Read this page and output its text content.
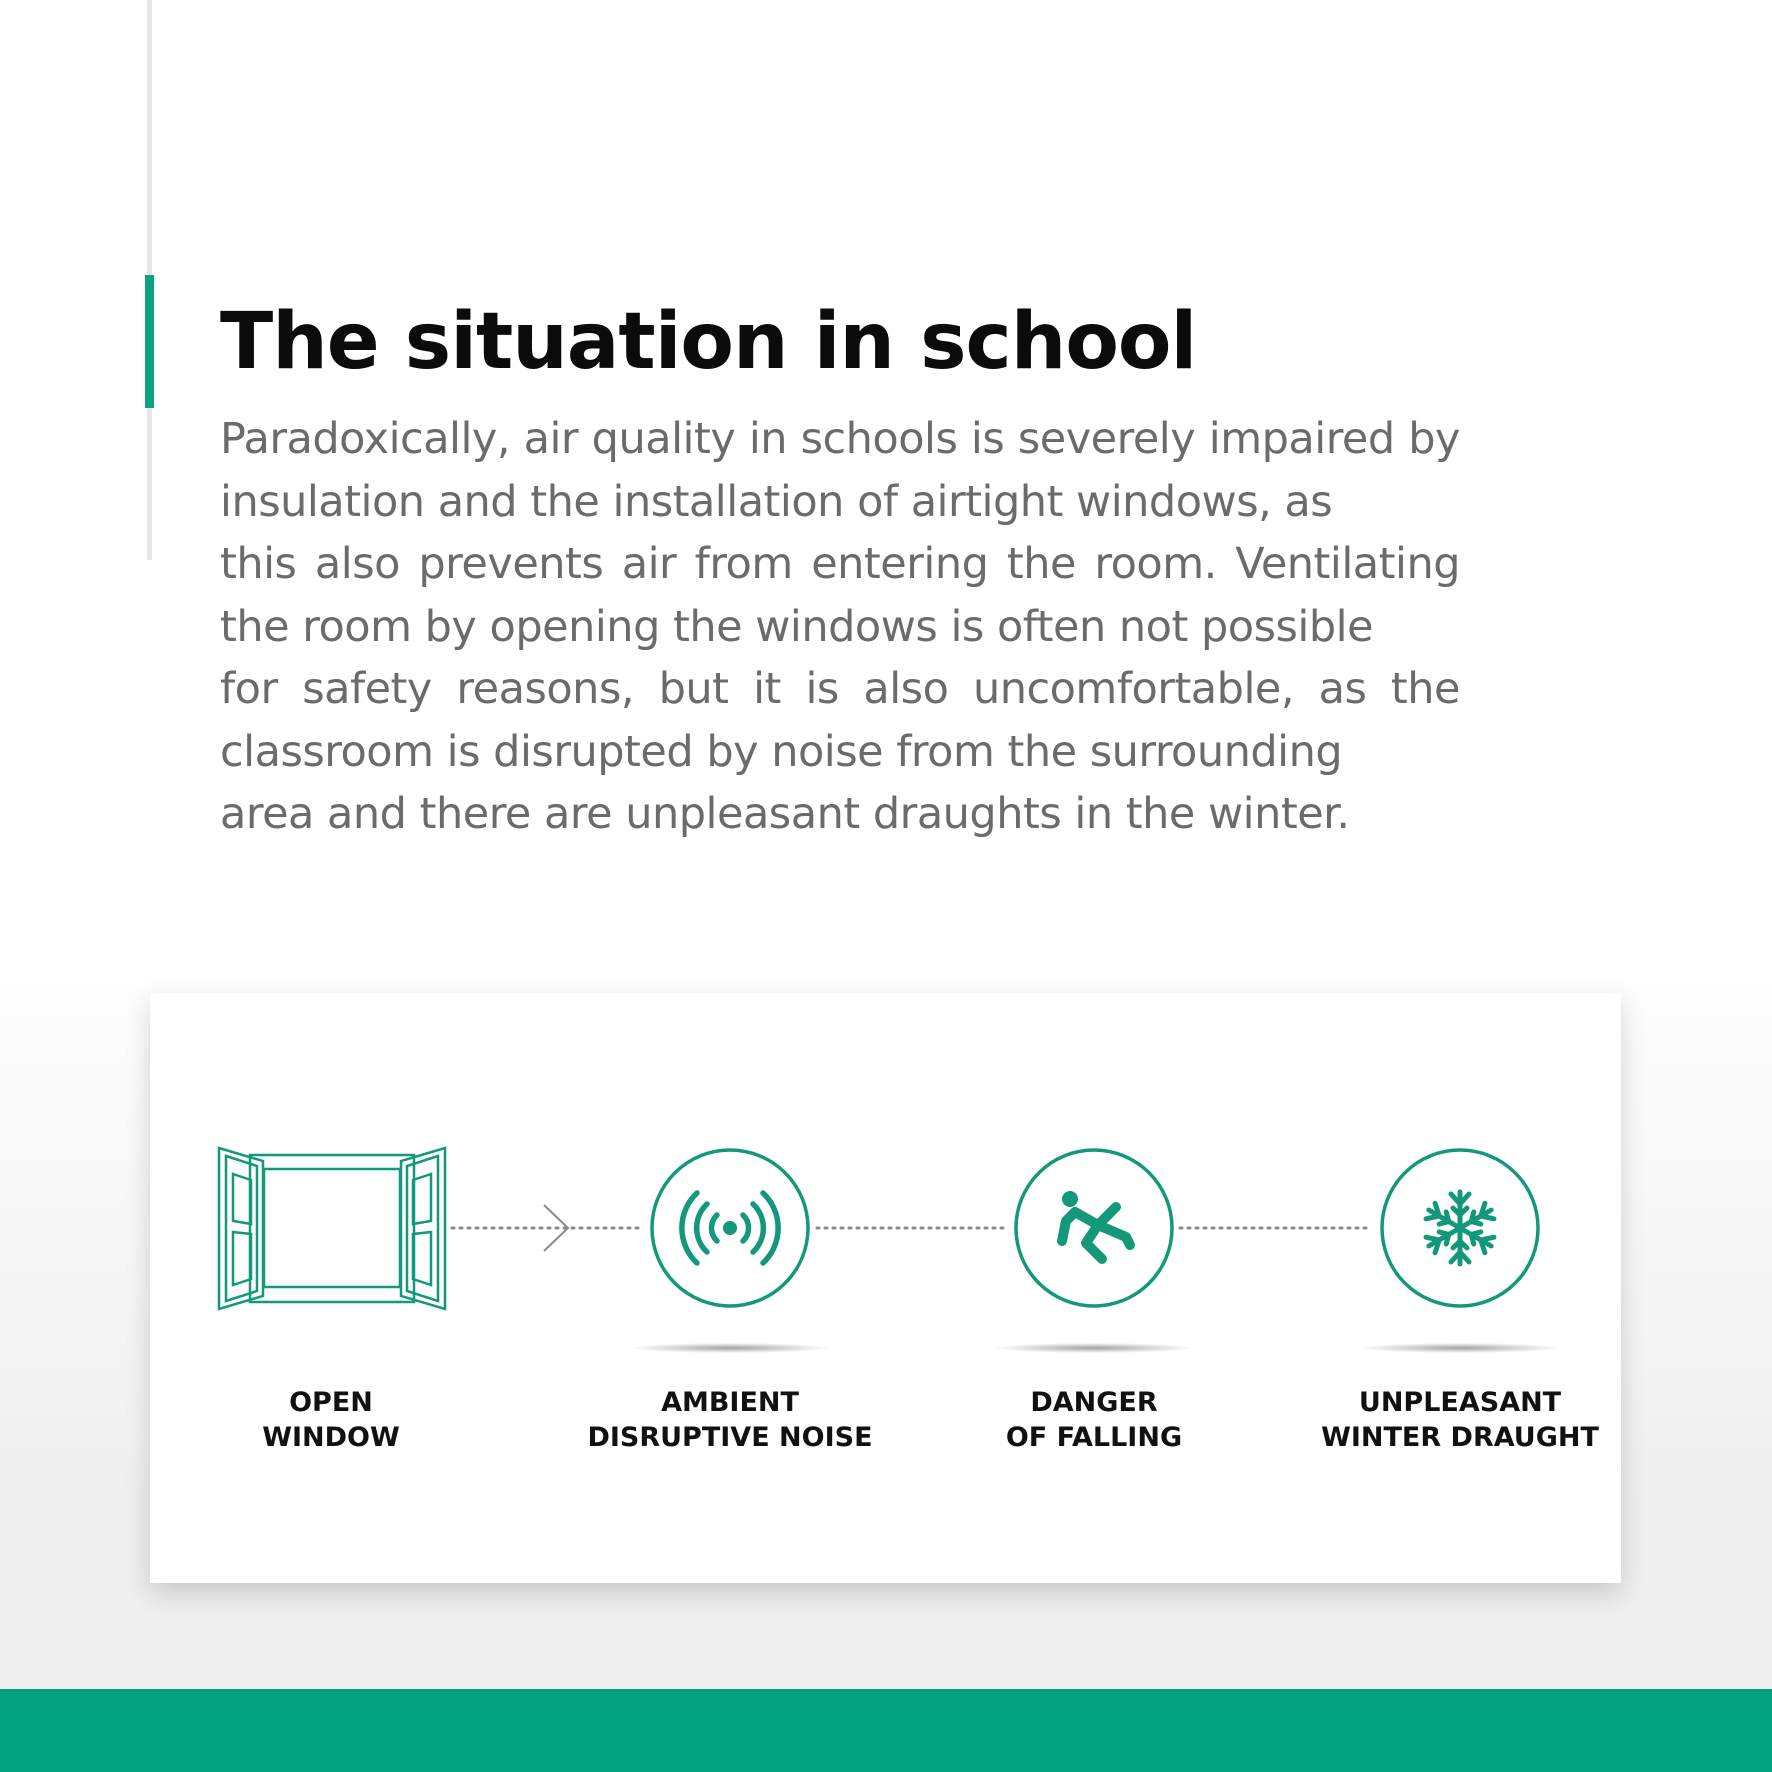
The situation in school
Paradoxically, air quality in schools is severely impaired by
insulation and the installation of airtight windows, as
this also prevents air from entering the room. Ventilating
the room by opening the windows is often not possible
for safety reasons, but it is also uncomfortable, as the
classroom is disrupted by noise from the surrounding
area and there are unpleasant draughts in the winter.
OPEN
WINDOW
AMBIENT
DISRUPTIVE NOISE
DANGER
OF FALLING
UNPLEASANT
WINTER DRAUGHT
